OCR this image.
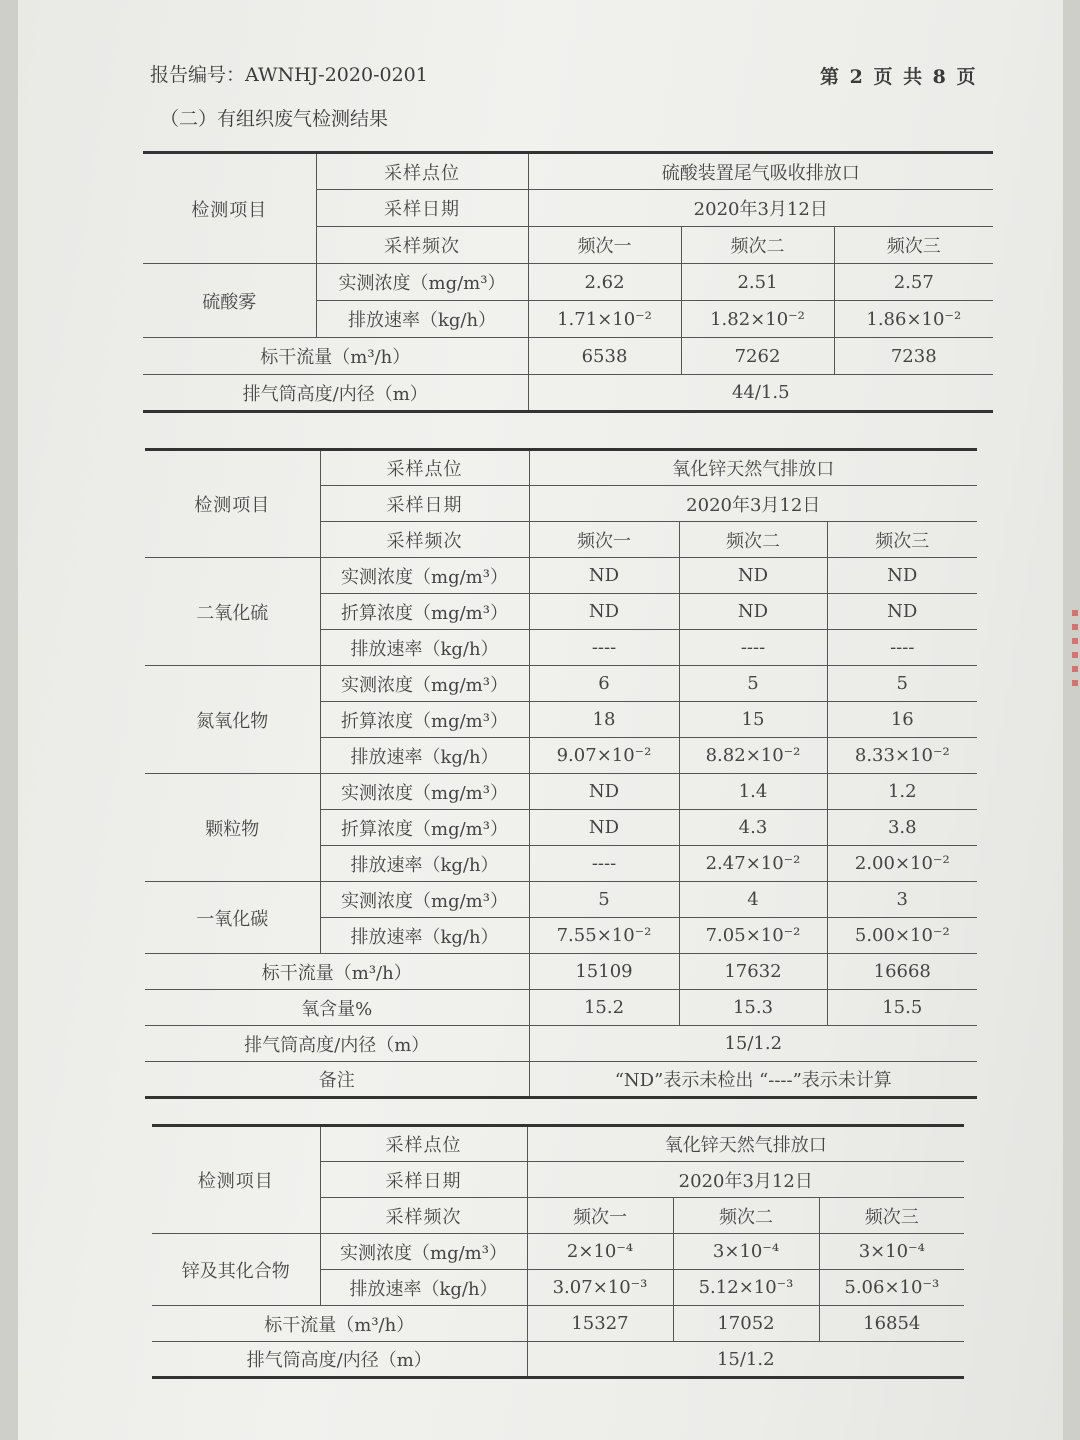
报告编号：AWNHJ-2020-0201	第 2 页 共 8 页
（二）有组织废气检测结果
检测项目	采样点位	硫酸装置尾气吸收排放口		
	采样日期	2020年3月12日		
	采样频次	频次一	频次二	频次三
硫酸雾	实测浓度（mg/m³）	2.62	2.51	2.57
	排放速率（kg/h）	1.71×10⁻²	1.82×10⁻²	1.86×10⁻²
标干流量（m³/h）		6538	7262	7238
排气筒高度/内径（m）		44/1.5		
检测项目	采样点位	氧化锌天然气排放口		
	采样日期	2020年3月12日		
	采样频次	频次一	频次二	频次三
二氧化硫	实测浓度（mg/m³）	ND	ND	ND
	折算浓度（mg/m³）	ND	ND	ND
	排放速率（kg/h）	----	----	----
氮氧化物	实测浓度（mg/m³）	6	5	5
	折算浓度（mg/m³）	18	15	16
	排放速率（kg/h）	9.07×10⁻²	8.82×10⁻²	8.33×10⁻²
颗粒物	实测浓度（mg/m³）	ND	1.4	1.2
	折算浓度（mg/m³）	ND	4.3	3.8
	排放速率（kg/h）	----	2.47×10⁻²	2.00×10⁻²
一氧化碳	实测浓度（mg/m³）	5	4	3
	排放速率（kg/h）	7.55×10⁻²	7.05×10⁻²	5.00×10⁻²
标干流量（m³/h）		15109	17632	16668
氧含量%		15.2	15.3	15.5
排气筒高度/内径（m）		15/1.2		
备注		“ND”表示未检出 “----”表示未计算		
检测项目	采样点位	氧化锌天然气排放口		
	采样日期	2020年3月12日		
	采样频次	频次一	频次二	频次三
锌及其化合物	实测浓度（mg/m³）	2×10⁻⁴	3×10⁻⁴	3×10⁻⁴
	排放速率（kg/h）	3.07×10⁻³	5.12×10⁻³	5.06×10⁻³
标干流量（m³/h）		15327	17052	16854
排气筒高度/内径（m）		15/1.2		
